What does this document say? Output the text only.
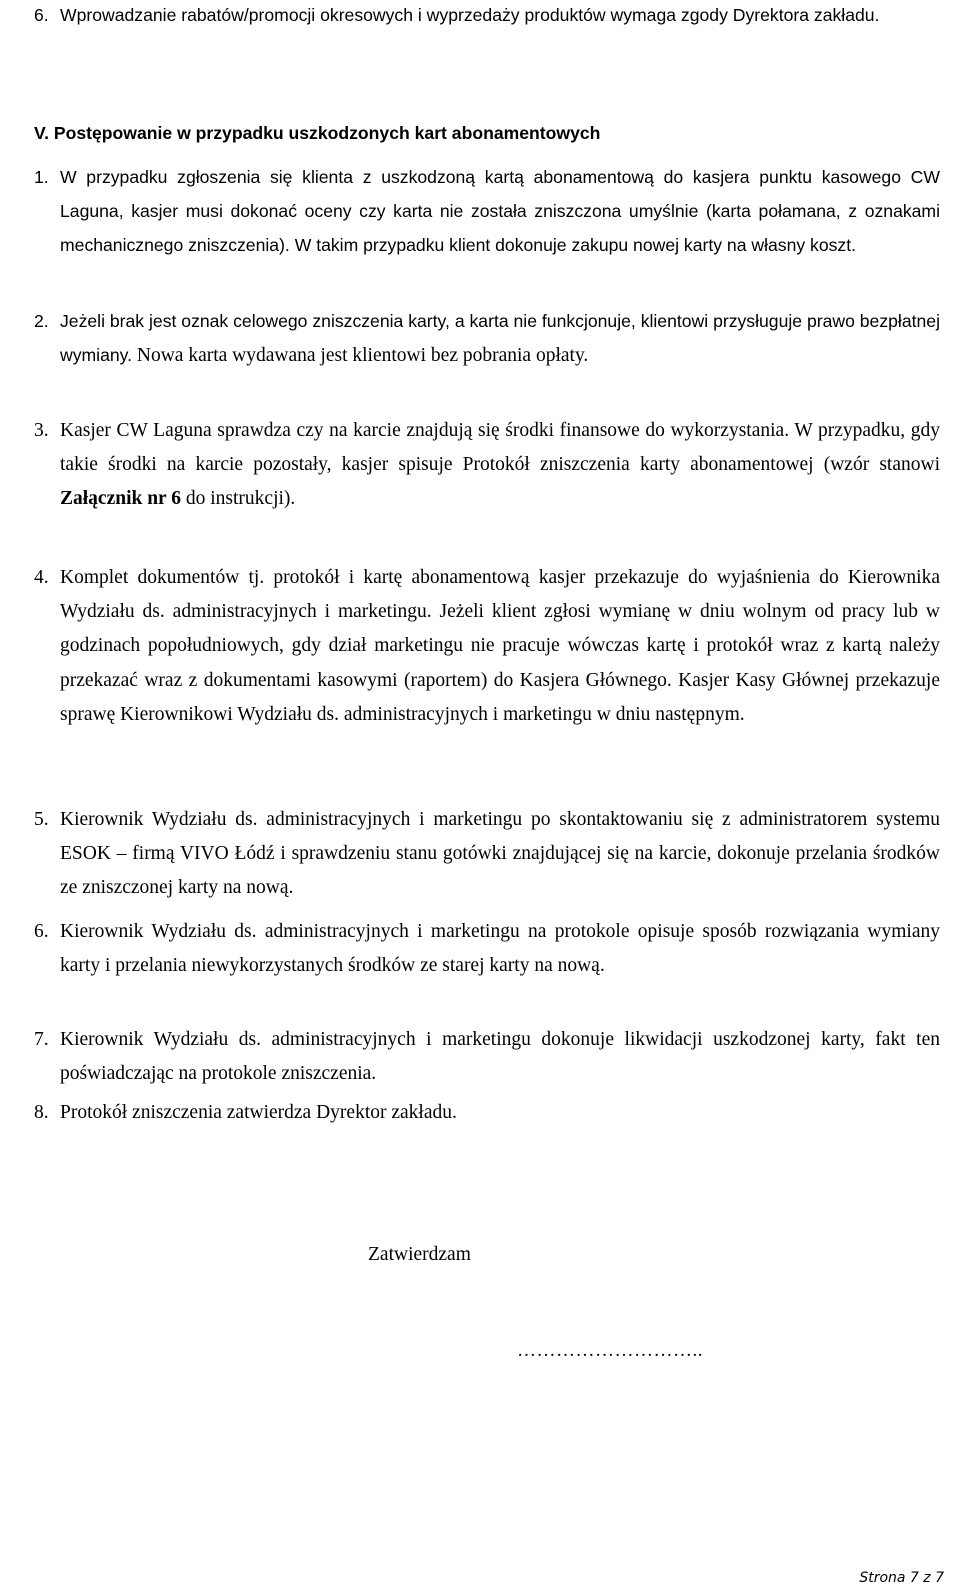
6. Wprowadzanie rabatów/promocji okresowych i wyprzedaży produktów wymaga zgody Dyrektora zakładu.
V. Postępowanie w przypadku uszkodzonych kart abonamentowych
1. W przypadku zgłoszenia się klienta z uszkodzoną kartą abonamentową do kasjera punktu kasowego CW Laguna, kasjer musi dokonać oceny czy karta nie została zniszczona umyślnie (karta połamana, z oznakami mechanicznego zniszczenia). W takim przypadku klient dokonuje zakupu nowej karty na własny koszt.
2. Jeżeli brak jest oznak celowego zniszczenia karty, a karta nie funkcjonuje, klientowi przysługuje prawo bezpłatnej wymiany. Nowa karta wydawana jest klientowi bez pobrania opłaty.
3. Kasjer CW Laguna sprawdza czy na karcie znajdują się środki finansowe do wykorzystania. W przypadku, gdy takie środki na karcie pozostały, kasjer spisuje Protokół zniszczenia karty abonamentowej (wzór stanowi Załącznik nr 6 do instrukcji).
4. Komplet dokumentów tj. protokół i kartę abonamentową kasjer przekazuje do wyjaśnienia do Kierownika Wydziału ds. administracyjnych i marketingu. Jeżeli klient zgłosi wymianę w dniu wolnym od pracy lub w godzinach popołudniowych, gdy dział marketingu nie pracuje wówczas kartę i protokół wraz z kartą należy przekazać wraz z dokumentami kasowymi (raportem) do Kasjera Głównego. Kasjer Kasy Głównej przekazuje sprawę Kierownikowi Wydziału ds. administracyjnych i marketingu w dniu następnym.
5. Kierownik Wydziału ds. administracyjnych i marketingu po skontaktowaniu się z administratorem systemu ESOK – firmą VIVO Łódź i sprawdzeniu stanu gotówki znajdującej się na karcie, dokonuje przelania środków ze zniszczonej karty na nową.
6. Kierownik Wydziału ds. administracyjnych i marketingu na protokole opisuje sposób rozwiązania wymiany karty i przelania niewykorzystanych środków ze starej karty na nową.
7. Kierownik Wydziału ds. administracyjnych i marketingu dokonuje likwidacji uszkodzonej karty, fakt ten poświadczając na protokole zniszczenia.
8. Protokół zniszczenia zatwierdza Dyrektor zakładu.
Zatwierdzam
………………………..
Strona 7 z 7
